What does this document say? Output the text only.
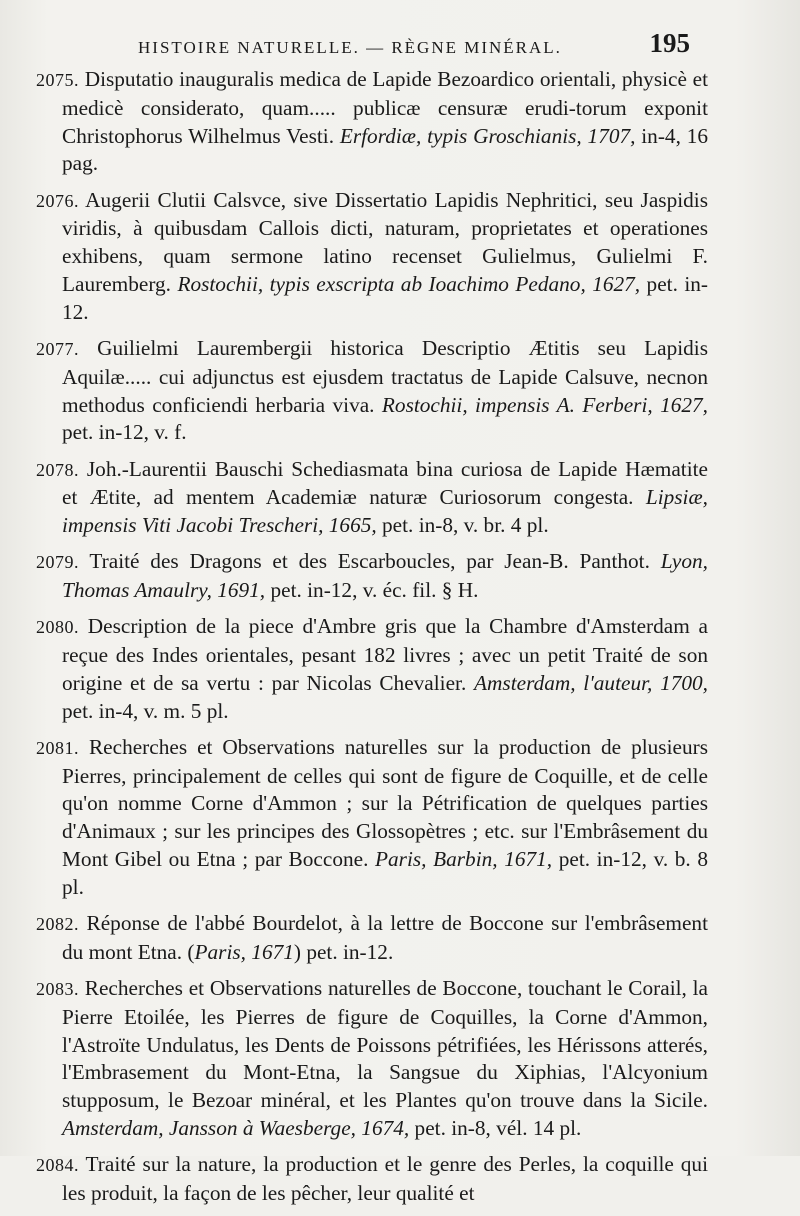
HISTOIRE NATURELLE. — RÈGNE MINÉRAL.	195

2075. Disputatio inauguralis medica de Lapide Bezoardico orientali, physicè et medicè considerato, quam..... publicæ censuræ erudi-torum exponit Christophorus Wilhelmus Vesti. Erfordiæ, typis Groschianis, 1707, in-4, 16 pag.

2076. Augerii Clutii Calsvce, sive Dissertatio Lapidis Nephritici, seu Jaspidis viridis, à quibusdam Callois dicti, naturam, proprietates et operationes exhibens, quam sermone latino recenset Gulielmus, Gulielmi F. Lauremberg. Rostochii, typis exscripta ab Ioachimo Pedano, 1627, pet. in-12.

2077. Guilielmi Laurembergii historica Descriptio Ætitis seu Lapidis Aquilæ..... cui adjunctus est ejusdem tractatus de Lapide Calsuve, necnon methodus conficiendi herbaria viva. Rostochii, impensis A. Ferberi, 1627, pet. in-12, v. f.

2078. Joh.-Laurentii Bauschi Schediasmata bina curiosa de Lapide Hæmatite et Ætite, ad mentem Academiæ naturæ Curiosorum congesta. Lipsiæ, impensis Viti Jacobi Trescheri, 1665, pet. in-8, v. br. 4 pl.

2079. Traité des Dragons et des Escarboucles, par Jean-B. Panthot. Lyon, Thomas Amaulry, 1691, pet. in-12, v. éc. fil. § H.

2080. Description de la piece d'Ambre gris que la Chambre d'Amsterdam a reçue des Indes orientales, pesant 182 livres ; avec un petit Traité de son origine et de sa vertu : par Nicolas Chevalier. Amsterdam, l'auteur, 1700, pet. in-4, v. m. 5 pl.

2081. Recherches et Observations naturelles sur la production de plusieurs Pierres, principalement de celles qui sont de figure de Coquille, et de celle qu'on nomme Corne d'Ammon ; sur la Pétrification de quelques parties d'Animaux ; sur les principes des Glossopètres ; etc. sur l'Embrâsement du Mont Gibel ou Etna ; par Boccone. Paris, Barbin, 1671, pet. in-12, v. b. 8 pl.

2082. Réponse de l'abbé Bourdelot, à la lettre de Boccone sur l'embrâsement du mont Etna. (Paris, 1671) pet. in-12.

2083. Recherches et Observations naturelles de Boccone, touchant le Corail, la Pierre Etoilée, les Pierres de figure de Coquilles, la Corne d'Ammon, l'Astroïte Undulatus, les Dents de Poissons pétrifiées, les Hérissons atterés, l'Embrasement du Mont-Etna, la Sangsue du Xiphias, l'Alcyonium stupposum, le Bezoar minéral, et les Plantes qu'on trouve dans la Sicile. Amsterdam, Jansson à Waesberge, 1674, pet. in-8, vél. 14 pl.

2084. Traité sur la nature, la production et le genre des Perles, la coquille qui les produit, la façon de les pêcher, leur qualité et
